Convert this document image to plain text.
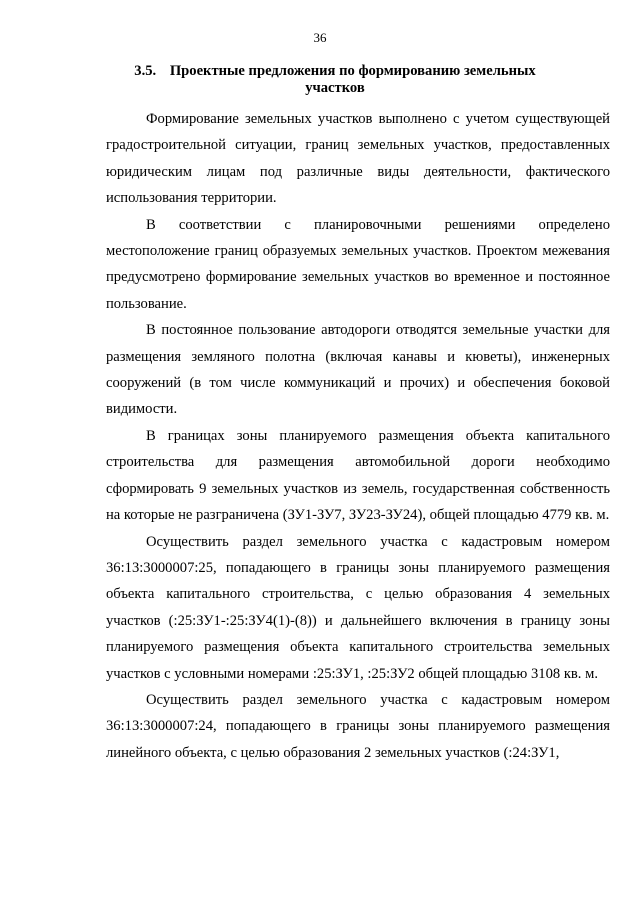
36
3.5. Проектные предложения по формированию земельных участков

Формирование земельных участков выполнено с учетом существующей градостроительной ситуации, границ земельных участков, предоставленных юридическим лицам под различные виды деятельности, фактического использования территории.

В соответствии с планировочными решениями определено местоположение границ образуемых земельных участков. Проектом межевания предусмотрено формирование земельных участков во временное и постоянное пользование.

В постоянное пользование автодороги отводятся земельные участки для размещения земляного полотна (включая канавы и кюветы), инженерных сооружений (в том числе коммуникаций и прочих) и обеспечения боковой видимости.

В границах зоны планируемого размещения объекта капитального строительства для размещения автомобильной дороги необходимо сформировать 9 земельных участков из земель, государственная собственность на которые не разграничена (ЗУ1-ЗУ7, ЗУ23-ЗУ24), общей площадью 4779 кв. м.

Осуществить раздел земельного участка с кадастровым номером 36:13:3000007:25, попадающего в границы зоны планируемого размещения объекта капитального строительства, с целью образования 4 земельных участков (:25:ЗУ1-:25:ЗУ4(1)-(8)) и дальнейшего включения в границу зоны планируемого размещения объекта капитального строительства земельных участков с условными номерами :25:ЗУ1, :25:ЗУ2 общей площадью 3108 кв. м.

Осуществить раздел земельного участка с кадастровым номером 36:13:3000007:24, попадающего в границы зоны планируемого размещения линейного объекта, с целью образования 2 земельных участков (:24:ЗУ1,
